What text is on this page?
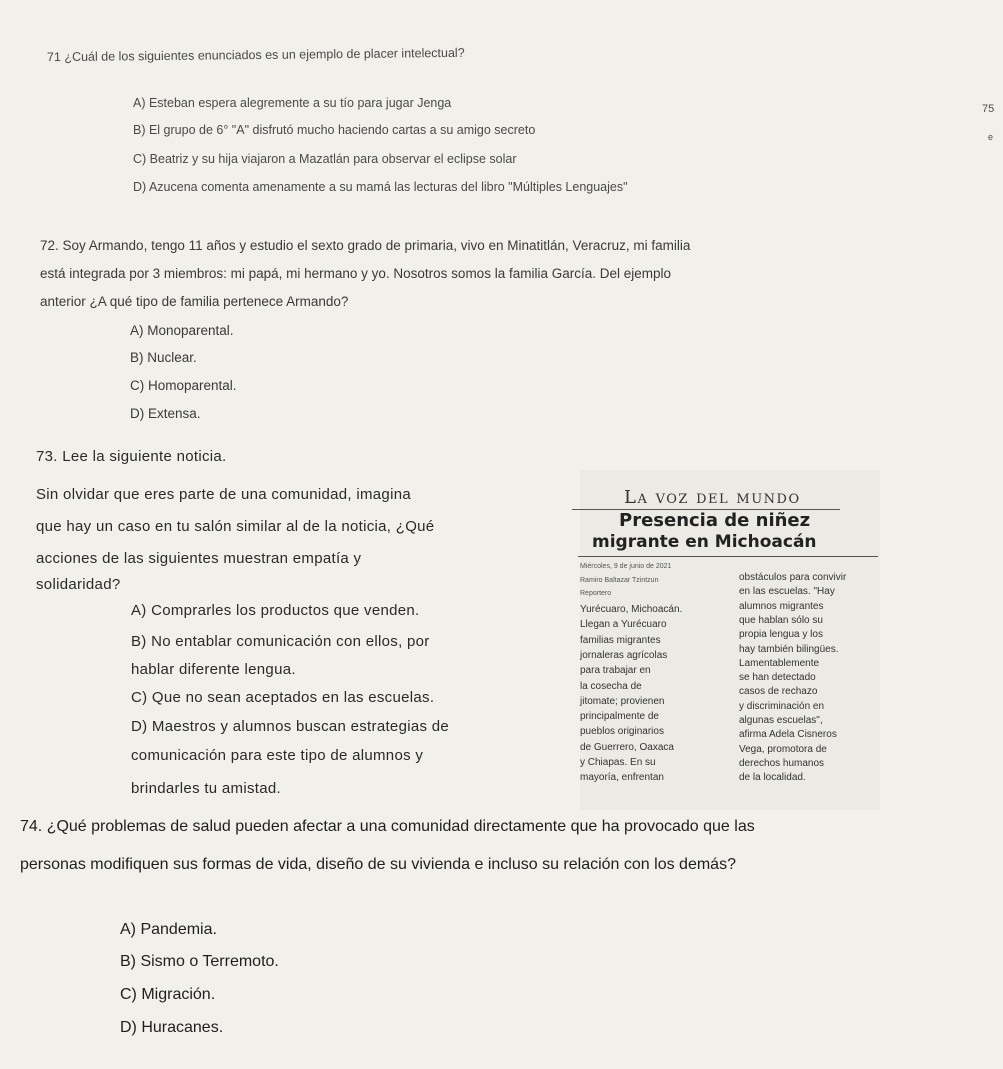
71 ¿Cuál de los siguientes enunciados es un ejemplo de placer intelectual?
A) Esteban espera alegremente a su tío para jugar Jenga
B) El grupo de 6° "A" disfrutó mucho haciendo cartas a su amigo secreto
C) Beatriz y su hija viajaron a Mazatlán para observar el eclipse solar
D) Azucena comenta amenamente a su mamá las lecturas del libro "Múltiples Lenguajes"
75
e
72. Soy Armando, tengo 11 años y estudio el sexto grado de primaria, vivo en Minatitlán, Veracruz, mi familia
está integrada por 3 miembros: mi papá, mi hermano y yo. Nosotros somos la familia García. Del ejemplo
anterior ¿A qué tipo de familia pertenece Armando?
A) Monoparental.
B) Nuclear.
C) Homoparental.
D) Extensa.
73. Lee la siguiente noticia.
Sin olvidar que eres parte de una comunidad, imagina
que hay un caso en tu salón similar al de la noticia, ¿Qué
acciones de las siguientes muestran empatía y
solidaridad?
A) Comprarles los productos que venden.
B) No entablar comunicación con ellos, por
hablar diferente lengua.
C) Que no sean aceptados en las escuelas.
D) Maestros y alumnos buscan estrategias de
comunicación para este tipo de alumnos y
brindarles tu amistad.
La voz del mundo
Presencia de niñez
migrante en Michoacán
Miércoles, 9 de junio de 2021
Ramiro Baltazar Tzintzun
Reportero
Yurécuaro, Michoacán.
Llegan a Yurécuaro
familias migrantes
jornaleras agrícolas
para trabajar en
la cosecha de
jitomate; provienen
principalmente de
pueblos originarios
de Guerrero, Oaxaca
y Chiapas. En su
mayoría, enfrentan
obstáculos para convivir
en las escuelas. "Hay
alumnos migrantes
que hablan sólo su
propia lengua y los
hay también bilingües.
Lamentablemente
se han detectado
casos de rechazo
y discriminación en
algunas escuelas",
afirma Adela Cisneros
Vega, promotora de
derechos humanos
de la localidad.
74. ¿Qué problemas de salud pueden afectar a una comunidad directamente que ha provocado que las
personas modifiquen sus formas de vida, diseño de su vivienda e incluso su relación con los demás?
A) Pandemia.
B) Sismo o Terremoto.
C) Migración.
D) Huracanes.
